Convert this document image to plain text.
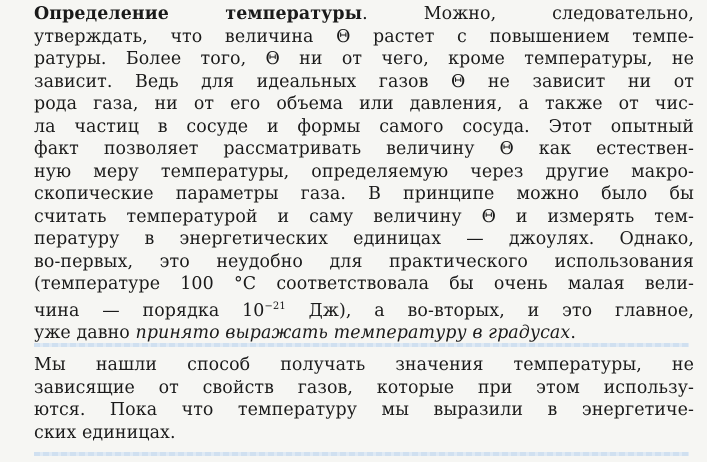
Определение температуры. Можно, следовательно,
утверждать, что величина Θ растет с повышением темпе-
ратуры. Более того, Θ ни от чего, кроме температуры, не
зависит. Ведь для идеальных газов Θ не зависит ни от
рода газа, ни от его объема или давления, а также от чис-
ла частиц в сосуде и формы самого сосуда. Этот опытный
факт позволяет рассматривать величину Θ как естествен-
ную меру температуры, определяемую через другие макро-
скопические параметры газа. В принципе можно было бы
считать температурой и саму величину Θ и измерять тем-
пературу в энергетических единицах — джоулях. Однако,
во-первых, это неудобно для практического использования
(температуре 100 °С соответствовала бы очень малая вели-
чина — порядка $10^{-21}$ Дж), а во-вторых, и это главное,
уже давно принято выражать температуру в градусах.
Мы нашли способ получать значения температуры, не
зависящие от свойств газов, которые при этом использу-
ются. Пока что температуру мы выразили в энергетиче-
ских единицах.
